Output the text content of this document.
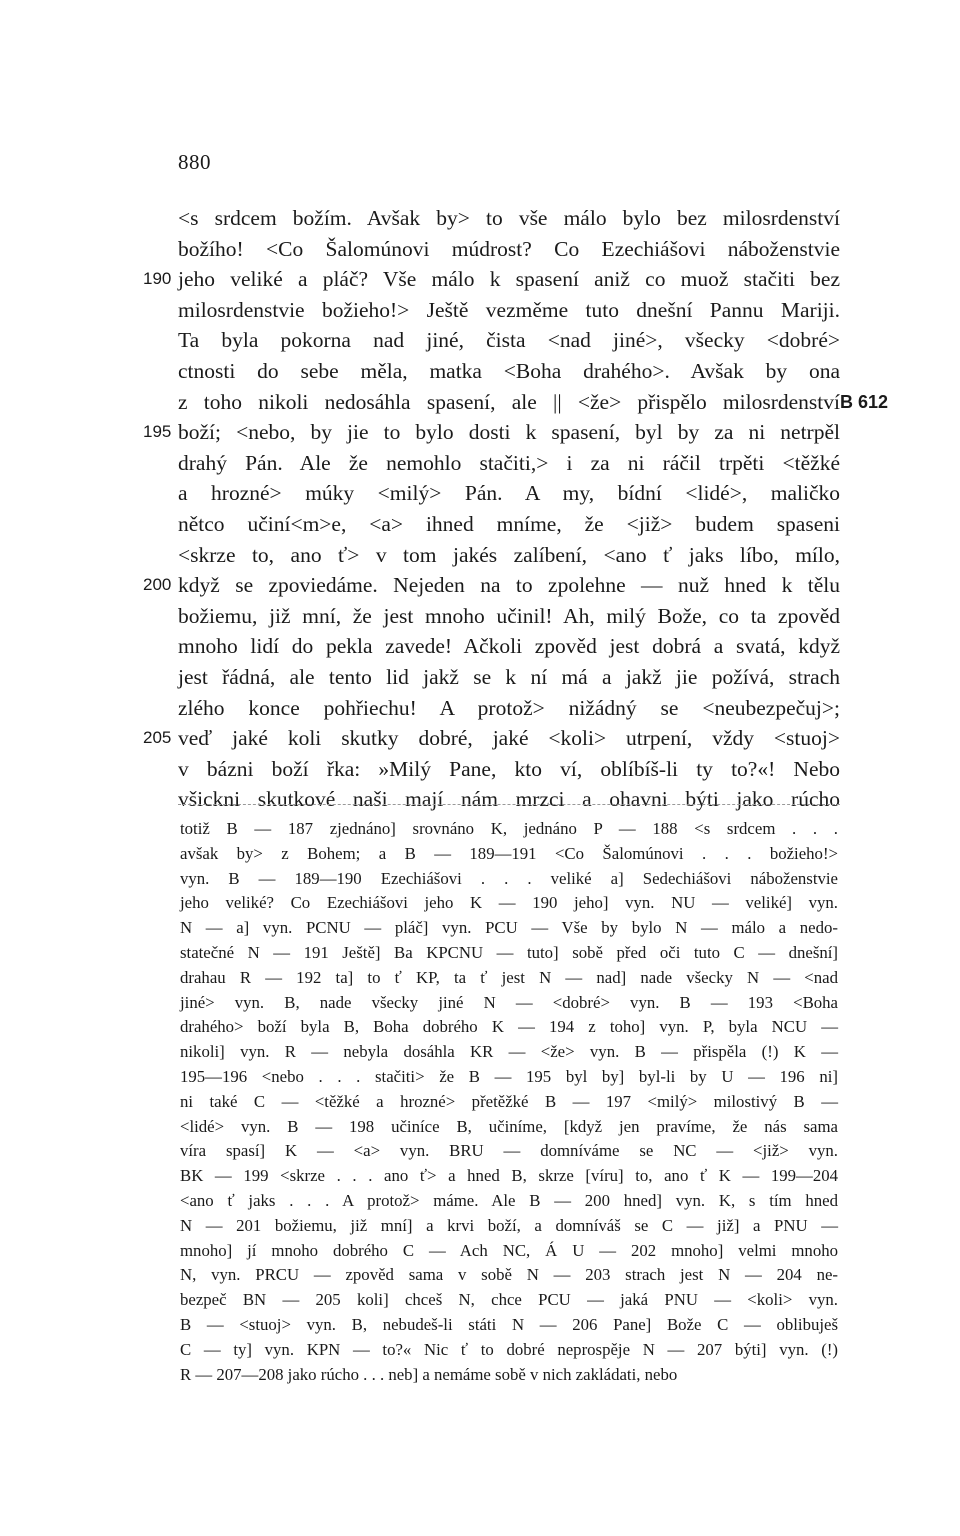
880
<s srdcem božím. Avšak by> to vše málo bylo bez milosrdenství
božího! <Co Šalomúnovi múdrost? Co Ezechiášovi náboženstvie
190 jeho veliké a pláč? Vše málo k spasení aniž co muož stačiti bez
milosrdenstvie božieho!> Ještě vezměme tuto dnešní Pannu Mariji.
Ta byla pokorna nad jiné, čista <nad jiné>, všecky <dobré>
ctnosti do sebe měla, matka <Boha drahého>. Avšak by ona
z toho nikoli nedosáhla spasení, ale || <že> přispělo milosrdenství B 612
195 boží; <nebo, by jie to bylo dosti k spasení, byl by za ni netrpěl
drahý Pán. Ale že nemohlo stačiti,> i za ni ráčil trpěti <těžké
a hrozné> múky <milý> Pán. A my, bídní <lidé>, maličko
nětco učiní<m>e, <a> ihned mníme, že <již> budem spaseni
<skrze to, ano ť> v tom jakés zalíbení, <ano ť jaks líbo, mílo,
200 když se zpoviedáme. Nejeden na to zpolehne — nuž hned k tělu
božiemu, již mní, že jest mnoho učinil! Ah, milý Bože, co ta zpověd
mnoho lidí do pekla zavede! Ačkoli zpověd jest dobrá a svatá, když
jest řádná, ale tento lid jakž se k ní má a jakž jie požívá, strach
zlého konce pohřiechu! A protož> nižádný se <neubezpečuj>;
205 veď jaké koli skutky dobré, jaké <koli> utrpení, vždy <stuoj>
v bázni boží řka: »Milý Pane, kto ví, oblíbíš-li ty to?«! Nebo
všickni skutkové naši mají nám mrzci a ohavni býti jako rúcho
totiž B — 187 zjednáno] srovnáno K, jednáno P — 188 <s srdcem . . .
avšak by> z Bohem; a B — 189—191 <Co Šalomúnovi . . . božieho!>
vyn. B — 189—190 Ezechiášovi . . . veliké a] Sedechiášovi náboženstvie
jeho veliké? Co Ezechiášovi jeho K — 190 jeho] vyn. NU — veliké] vyn.
N — a] vyn. PCNU — pláč] vyn. PCU — Vše by bylo N — málo a nedo-
statečné N — 191 Ještě] Ba KPCNU — tuto] sobě před oči tuto C — dnešní]
drahau R — 192 ta] to ť KP, ta ť jest N — nad] nade všecky N — <nad
jiné> vyn. B, nade všecky jiné N — <dobré> vyn. B — 193 <Boha
drahého> boží byla B, Boha dobrého K — 194 z toho] vyn. P, byla NCU —
nikoli] vyn. R — nebyla dosáhla KR — <že> vyn. B — přispěla (!) K —
195—196 <nebo . . . stačiti> že B — 195 byl by] byl-li by U — 196 ni]
ni také C — <těžké a hrozné> přetěžké B — 197 <milý> milostivý B —
<lidé> vyn. B — 198 učiníce B, učiníme, [když jen pravíme, že nás sama
víra spasí] K — <a> vyn. BRU — domníváme se NC — <již> vyn.
BK — 199 <skrze . . . ano ť> a hned B, skrze [víru] to, ano ť K — 199—204
<ano ť jaks . . . A protož> máme. Ale B — 200 hned] vyn. K, s tím hned
N — 201 božiemu, již mní] a krvi boží, a domníváš se C — již] a PNU —
mnoho] jí mnoho dobrého C — Ach NC, Á U — 202 mnoho] velmi mnoho
N, vyn. PRCU — zpověd sama v sobě N — 203 strach jest N — 204 ne-
bezpeč BN — 205 koli] chceš N, chce PCU — jaká PNU — <koli> vyn.
B — <stuoj> vyn. B, nebudeš-li státi N — 206 Pane] Bože C — oblibuješ
C — ty] vyn. KPN — to?« Nic ť to dobré neprospěje N — 207 býti] vyn. (!)
R — 207—208 jako rúcho . . . neb] a nemáme sobě v nich zakládati, nebo
